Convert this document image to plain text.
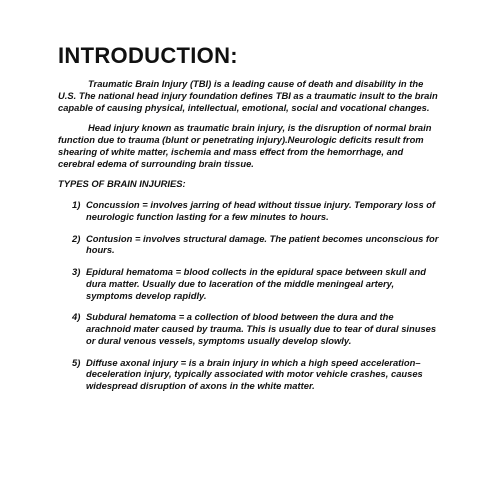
INTRODUCTION:

Traumatic Brain Injury (TBI) is a leading cause of death and disability in the U.S. The national head injury foundation defines TBI as a traumatic insult to the brain capable of causing physical, intellectual, emotional, social and vocational changes.

Head injury known as traumatic brain injury, is the disruption of normal brain function due to trauma (blunt or penetrating injury).Neurologic deficits result from shearing of white matter, ischemia and mass effect from the hemorrhage, and cerebral edema of surrounding brain tissue.

TYPES OF BRAIN INJURIES:
1) Concussion = involves jarring of head without tissue injury. Temporary loss of neurologic function lasting for a few minutes to hours.
2) Contusion = involves structural damage. The patient becomes unconscious for hours.
3) Epidural hematoma = blood collects in the epidural space between skull and dura matter. Usually due to laceration of the middle meningeal artery, symptoms develop rapidly.
4) Subdural hematoma = a collection of blood between the dura and the arachnoid mater caused by trauma. This is usually due to tear of dural sinuses or dural venous vessels, symptoms usually develop slowly.
5) Diffuse axonal injury = is a brain injury in which a high speed acceleration–deceleration injury, typically associated with motor vehicle crashes, causes widespread disruption of axons in the white matter.
